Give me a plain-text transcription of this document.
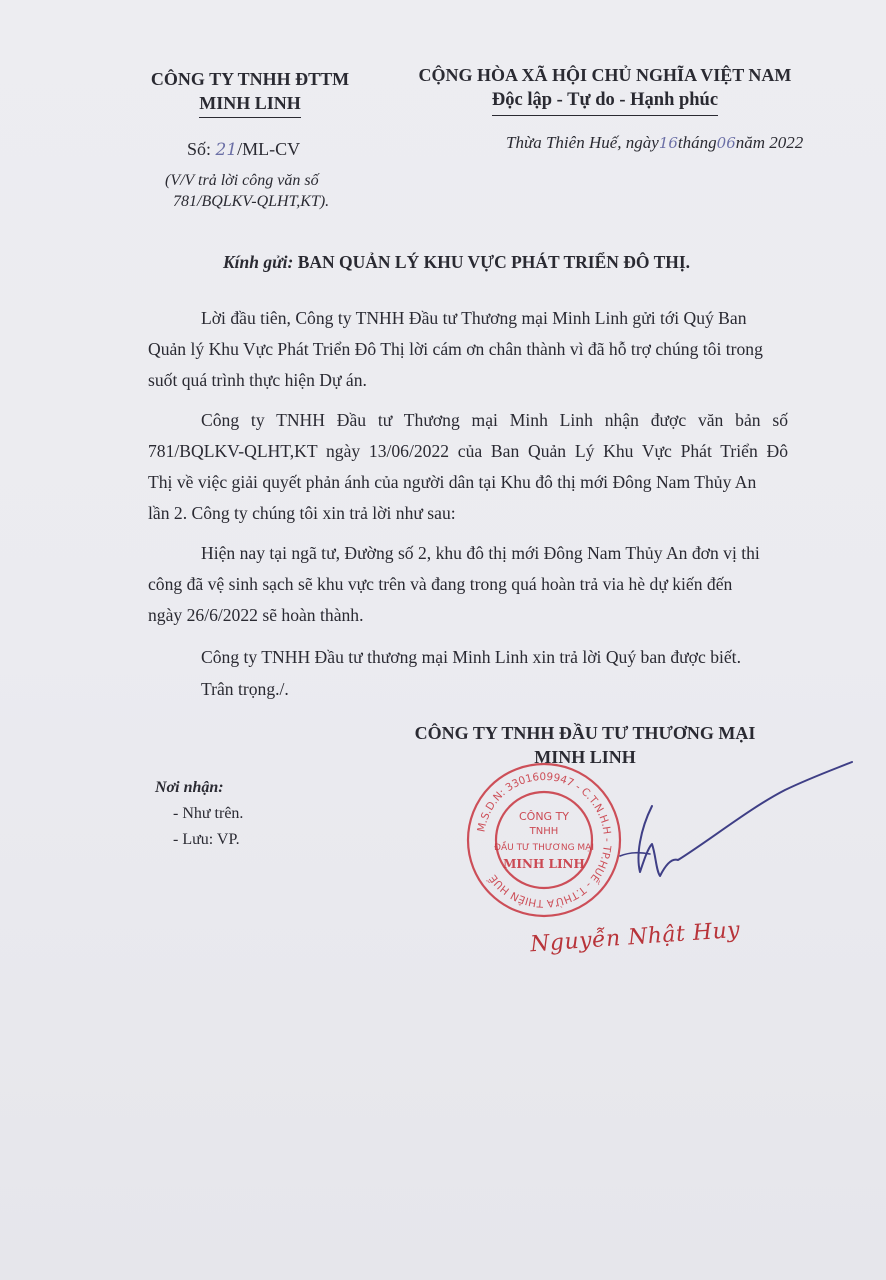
CÔNG TY TNHH ĐTTM
MINH LINH
CỘNG HÒA XÃ HỘI CHỦ NGHĨA VIỆT NAM
Độc lập - Tự do - Hạnh phúc
Số: 21/ML-CV
(V/V trả lời công văn số
781/BQLKV-QLHT,KT).
Thừa Thiên Huế, ngày16tháng06năm 2022
Kính gửi: BAN QUẢN LÝ KHU VỰC PHÁT TRIỂN ĐÔ THỊ.
Lời đầu tiên, Công ty TNHH Đầu tư Thương mại Minh Linh gửi tới Quý Ban
Quản lý Khu Vực Phát Triển Đô Thị lời cám ơn chân thành vì đã hỗ trợ chúng tôi trong
suốt quá trình thực hiện Dự án.
Công ty TNHH Đầu tư Thương mại Minh Linh nhận được văn bản số
781/BQLKV-QLHT,KT ngày 13/06/2022 của Ban Quản Lý Khu Vực Phát Triển Đô
Thị về việc giải quyết phản ánh của người dân tại Khu đô thị mới Đông Nam Thủy An
lần 2. Công ty chúng tôi xin trả lời như sau:
Hiện nay tại ngã tư, Đường số 2, khu đô thị mới Đông Nam Thủy An đơn vị thi
công đã vệ sinh sạch sẽ khu vực trên và đang trong quá hoàn trả via hè dự kiến đến
ngày 26/6/2022 sẽ hoàn thành.
Công ty TNHH Đầu tư thương mại Minh Linh xin trả lời Quý ban được biết.
Trân trọng./.
CÔNG TY TNHH ĐẦU TƯ THƯƠNG MẠI
MINH LINH
Nơi nhận:
- Như trên.
- Lưu: VP.
M.S.D.N: 3301609947 - C.T.N.H.H - TP.HUẾ - T.THỪA THIÊN HUẾ
CÔNG TY
TNHH
ĐẦU TƯ THƯƠNG MẠI
MINH LINH
Nguyễn Nhật Huy
